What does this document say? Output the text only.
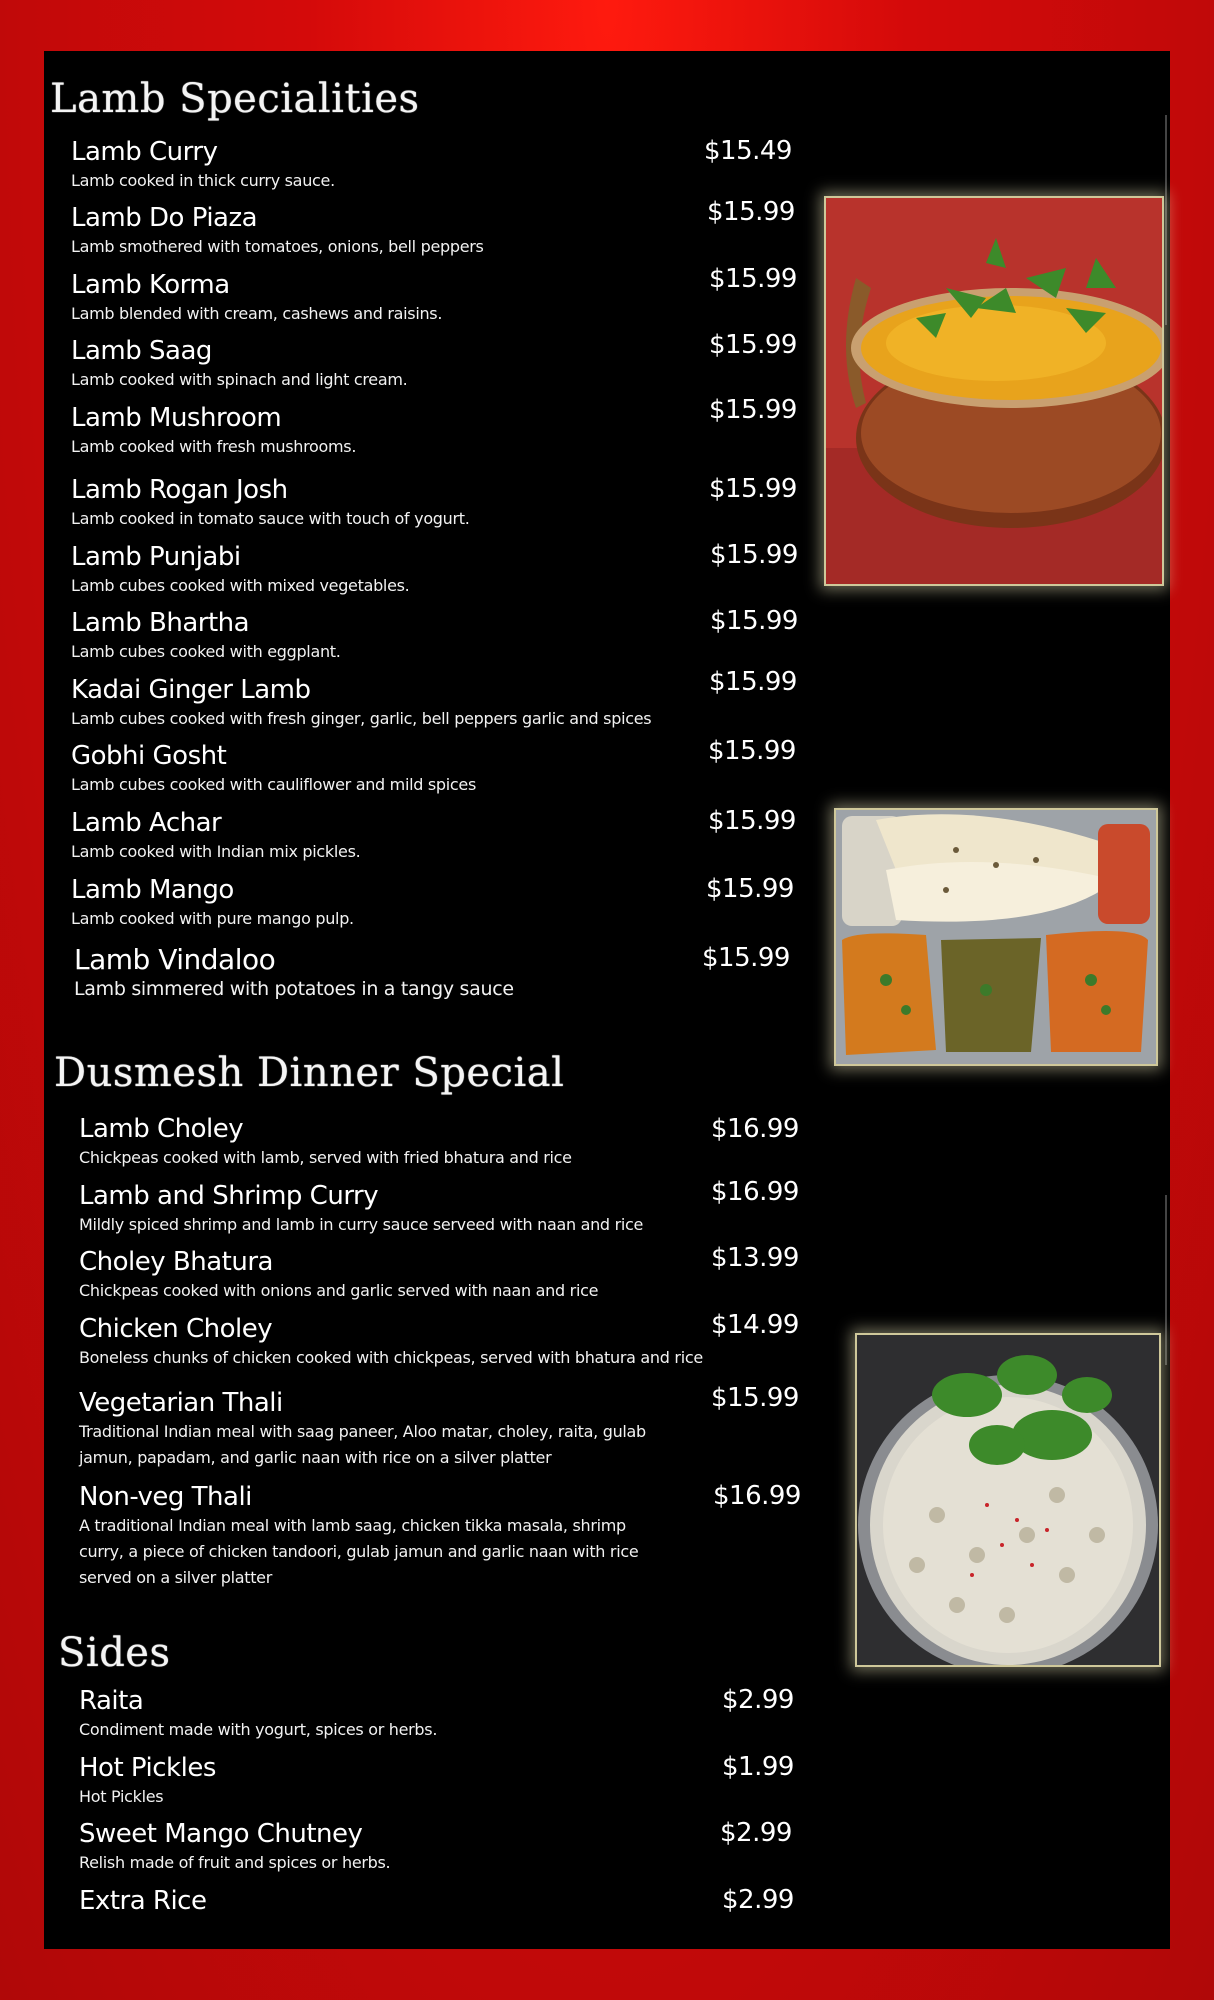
Lamb Specialities
Dusmesh Dinner Special
Sides
Lamb Curry
Lamb cooked in thick curry sauce.
$15.49
Lamb Do Piaza
Lamb smothered with tomatoes, onions, bell peppers
$15.99
Lamb Korma
Lamb blended with cream, cashews and raisins.
$15.99
Lamb Saag
Lamb cooked with spinach and light cream.
$15.99
Lamb Mushroom
Lamb cooked with fresh mushrooms.
$15.99
Lamb Rogan Josh
Lamb cooked in tomato sauce with touch of yogurt.
$15.99
Lamb Punjabi
Lamb cubes cooked with mixed vegetables.
$15.99
Lamb Bhartha
Lamb cubes cooked with eggplant.
$15.99
Kadai Ginger Lamb
Lamb cubes cooked with fresh ginger, garlic, bell peppers garlic and spices
$15.99
Gobhi Gosht
Lamb cubes cooked with cauliflower and mild spices
$15.99
Lamb Achar
Lamb cooked with Indian mix pickles.
$15.99
Lamb Mango
Lamb cooked with pure mango pulp.
$15.99
Lamb Vindaloo
Lamb simmered with potatoes in a tangy sauce
$15.99
Lamb Choley
Chickpeas cooked with lamb, served with fried bhatura and rice
$16.99
Lamb and Shrimp Curry
Mildly spiced shrimp and lamb in curry sauce serveed with naan and rice
$16.99
Choley Bhatura
Chickpeas cooked with onions and garlic served with naan and rice
$13.99
Chicken Choley
Boneless chunks of chicken cooked with chickpeas, served with bhatura and rice
$14.99
Vegetarian Thali
Traditional Indian meal with saag paneer, Aloo matar, choley, raita, gulab jamun, papadam, and garlic naan with rice on a silver platter
$15.99
Non-veg Thali
A traditional Indian meal with lamb saag, chicken tikka masala, shrimp curry, a piece of chicken tandoori, gulab jamun and garlic naan with rice served on a silver platter
$16.99
Raita
Condiment made with yogurt, spices or herbs.
$2.99
Hot Pickles
Hot Pickles
$1.99
Sweet Mango Chutney
Relish made of fruit and spices or herbs.
$2.99
Extra Rice	$2.99
